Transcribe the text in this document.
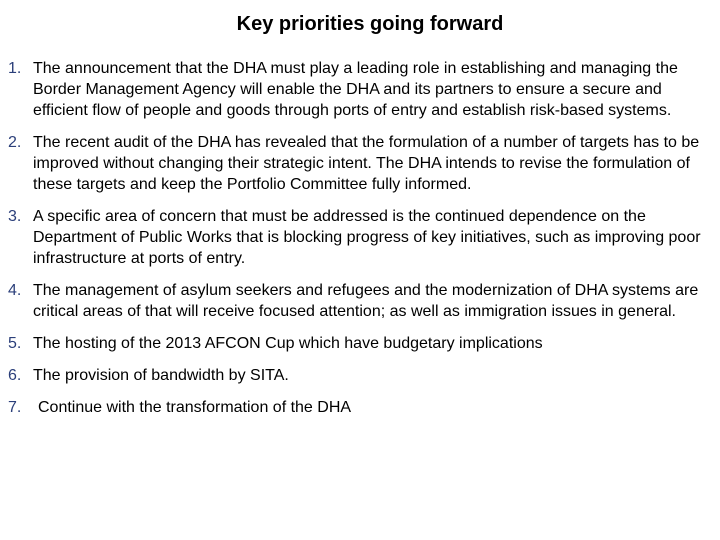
Key priorities going forward
1. The announcement that the DHA must play a leading role in establishing and managing the Border Management Agency will enable the DHA and its partners to ensure a secure and efficient flow of people and goods through ports of entry and establish risk-based systems.
2. The recent audit of the DHA has revealed that the formulation of a number of targets has to be improved without changing their strategic intent. The DHA intends to revise the formulation of these targets and keep the Portfolio Committee fully informed.
3. A specific area of concern that must be addressed is the continued dependence on the Department of Public Works that is blocking progress of key initiatives, such as improving poor infrastructure at ports of entry.
4. The management of asylum seekers and refugees and the modernization of DHA systems are critical areas of that will receive focused attention; as well as immigration issues in general.
5. The hosting of the 2013 AFCON Cup which have budgetary implications
6. The provision of bandwidth by SITA.
7. Continue with the transformation of the DHA
